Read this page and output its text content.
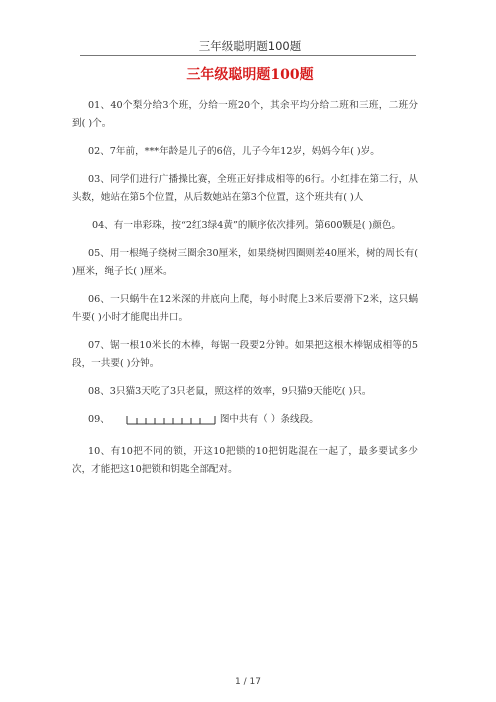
三年级聪明题100题
三年级聪明题100题

01、40个梨分给3个班，分给一班20个，其余平均分给二班和三班，二班分到( )个。

02、7年前，***年龄是儿子的6倍，儿子今年12岁，妈妈今年( )岁。

03、同学们进行广播操比赛，全班正好排成相等的6行。小红排在第二行，从头数，她站在第5个位置，从后数她站在第3个位置，这个班共有( )人

04、有一串彩珠，按“2红3绿4黄”的顺序依次排列。第600颗是( )颜色。

05、用一根绳子绕树三圈余30厘米，如果绕树四圈则差40厘米，树的周长有( )厘米，绳子长( )厘米。

06、一只蜗牛在12米深的井底向上爬，每小时爬上3米后要滑下2米，这只蜗牛要( )小时才能爬出井口。

07、锯一根10米长的木棒，每锯一段要2分钟。如果把这根木棒锯成相等的5段，一共要( )分钟。

08、3只猫3天吃了3只老鼠，照这样的效率，9只猫9天能吃( )只。

09、	图中共有（ ）条线段。

10、有10把不同的锁，开这10把锁的10把钥匙混在一起了，最多要试多少次，才能把这10把锁和钥匙全部配对。

1 / 17
